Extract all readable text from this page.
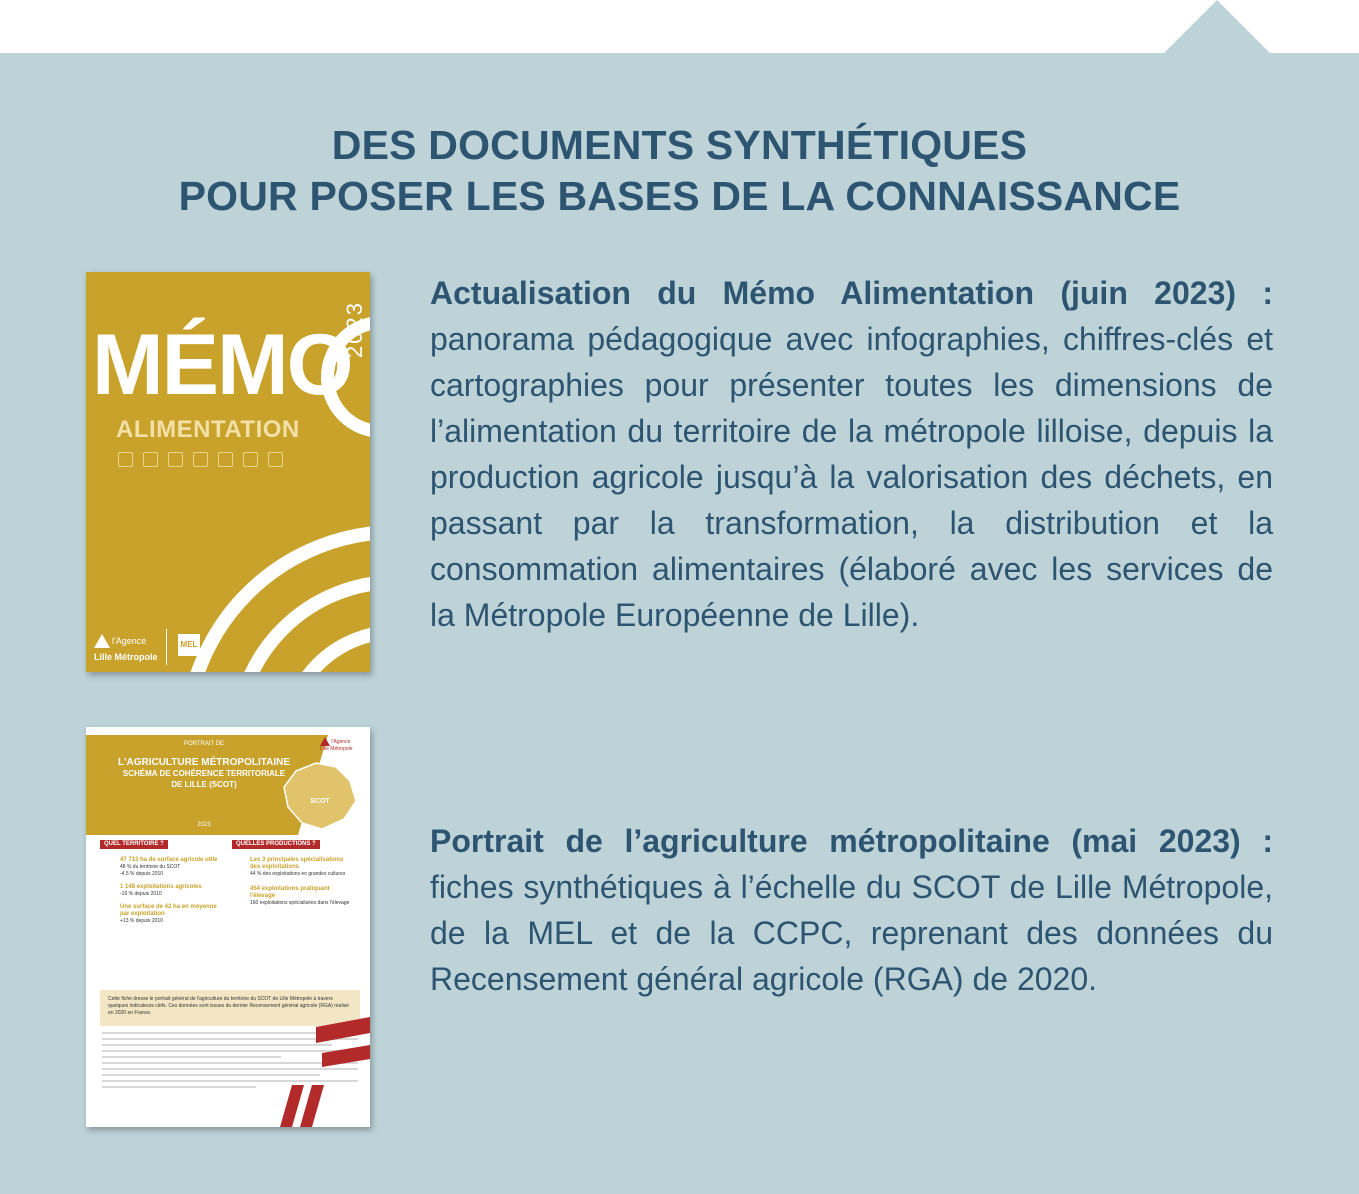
DES DOCUMENTS SYNTHÉTIQUES
POUR POSER LES BASES DE LA CONNAISSANCE
MÉMO
2023
ALIMENTATION
l'Agence
Lille Métropole
MEL
PORTRAIT DE
L'AGRICULTURE MÉTROPOLITAINE
SCHÉMA DE COHÉRENCE TERRITORIALE
DE LILLE (SCOT)
2023
SCOT
l'Agence
Lille Métropole
QUEL TERRITOIRE ?	QUELLES PRODUCTIONS ?
47 713 ha de surface agricole utile
48 % du territoire du SCOT
-4,5 % depuis 2010
1 148 exploitations agricoles
-16 % depuis 2010
Une surface de 42 ha en moyenne par exploitation
+13 % depuis 2010
Les 3 principales spécialisations des exploitations
44 % des exploitations en grandes cultures
454 exploitations pratiquant l'élevage
160 exploitations spécialisées dans l'élevage
Cette fiche dresse le portrait général de l'agriculture du territoire du SCOT de Lille Métropole à travers quelques indicateurs clefs. Ces données sont issues du dernier Recensement général agricole (RGA) réalisé en 2020 en France.

Actualisation du Mémo Alimentation (juin 2023) : panorama pédagogique avec infographies, chiffres-clés et cartographies pour présenter toutes les dimensions de l’alimentation du territoire de la métropole lilloise, depuis la production agricole jusqu’à la valorisation des déchets, en passant par la transformation, la distribution et la consommation alimentaires (élaboré avec les services de la Métropole Européenne de Lille).

Portrait de l’agriculture métropolitaine (mai 2023) : fiches synthétiques à l’échelle du SCOT de Lille Métropole, de la MEL et de la CCPC, reprenant des données du Recensement général agricole (RGA) de 2020.
